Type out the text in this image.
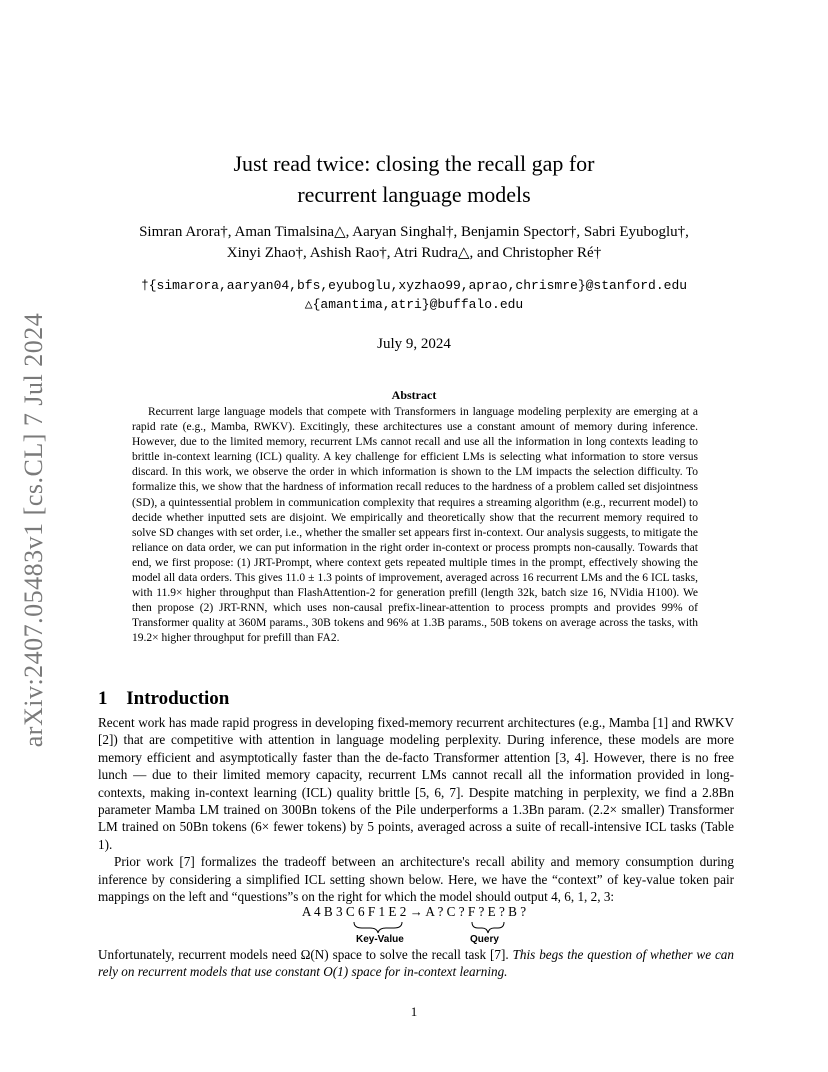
arXiv:2407.05483v1 [cs.CL] 7 Jul 2024
Just read twice: closing the recall gap for
recurrent language models
Simran Arora†, Aman Timalsina△, Aaryan Singhal†, Benjamin Spector†, Sabri Eyuboglu†,
Xinyi Zhao†, Ashish Rao†, Atri Rudra△, and Christopher Ré†
†{simarora,aaryan04,bfs,eyuboglu,xyzhao99,aprao,chrismre}@stanford.edu
△{amantima,atri}@buffalo.edu
July 9, 2024
Abstract

Recurrent large language models that compete with Transformers in language modeling perplexity are emerging at a rapid rate (e.g., Mamba, RWKV). Excitingly, these architectures use a constant amount of memory during inference. However, due to the limited memory, recurrent LMs cannot recall and use all the information in long contexts leading to brittle in-context learning (ICL) quality. A key challenge for efficient LMs is selecting what information to store versus discard. In this work, we observe the order in which information is shown to the LM impacts the selection difficulty. To formalize this, we show that the hardness of information recall reduces to the hardness of a problem called set disjointness (SD), a quintessential problem in communication complexity that requires a streaming algorithm (e.g., recurrent model) to decide whether inputted sets are disjoint. We empirically and theoretically show that the recurrent memory required to solve SD changes with set order, i.e., whether the smaller set appears first in-context. Our analysis suggests, to mitigate the reliance on data order, we can put information in the right order in-context or process prompts non-causally. Towards that end, we first propose: (1) JRT-Prompt, where context gets repeated multiple times in the prompt, effectively showing the model all data orders. This gives 11.0 ± 1.3 points of improvement, averaged across 16 recurrent LMs and the 6 ICL tasks, with 11.9× higher throughput than FlashAttention-2 for generation prefill (length 32k, batch size 16, NVidia H100). We then propose (2) JRT-RNN, which uses non-causal prefix-linear-attention to process prompts and provides 99% of Transformer quality at 360M params., 30B tokens and 96% at 1.3B params., 50B tokens on average across the tasks, with 19.2× higher throughput for prefill than FA2.

1 Introduction

Recent work has made rapid progress in developing fixed-memory recurrent architectures (e.g., Mamba [1] and RWKV [2]) that are competitive with attention in language modeling perplexity. During inference, these models are more memory efficient and asymptotically faster than the de-facto Transformer attention [3, 4]. However, there is no free lunch — due to their limited memory capacity, recurrent LMs cannot recall all the information provided in long-contexts, making in-context learning (ICL) quality brittle [5, 6, 7]. Despite matching in perplexity, we find a 2.8Bn parameter Mamba LM trained on 300Bn tokens of the Pile underperforms a 1.3Bn param. (2.2× smaller) Transformer LM trained on 50Bn tokens (6× fewer tokens) by 5 points, averaged across a suite of recall-intensive ICL tasks (Table 1).

Prior work [7] formalizes the tradeoff between an architecture's recall ability and memory consumption during inference by considering a simplified ICL setting shown below. Here, we have the “context” of key-value token pair mappings on the left and “questions”s on the right for which the model should output 4, 6, 1, 2, 3:

A 4 B 3 C 6 F 1 E 2 → A ? C ? F ? E ? B ?
Key-Value	Query

Unfortunately, recurrent models need Ω(N) space to solve the recall task [7]. This begs the question of whether we can rely on recurrent models that use constant O(1) space for in-context learning.

1
